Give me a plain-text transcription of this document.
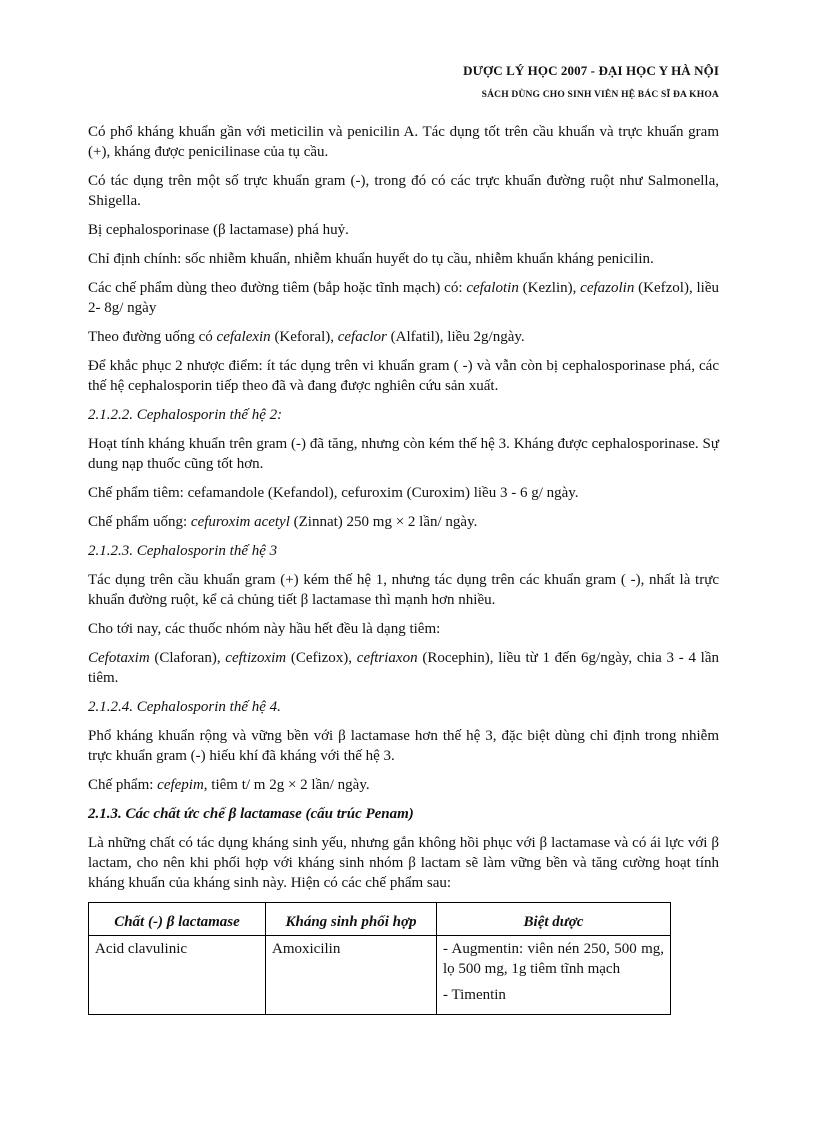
DƯỢC LÝ HỌC 2007 - ĐẠI HỌC Y HÀ NỘI
SÁCH DÙNG CHO SINH VIÊN HỆ BÁC SĨ ĐA KHOA

Có phổ kháng khuẩn gần với meticilin và penicilin A. Tác dụng tốt trên cầu khuẩn và trực khuẩn gram (+), kháng được penicilinase của tụ cầu.

Có tác dụng trên một số trực khuẩn gram (-), trong đó có các trực khuẩn đường ruột như Salmonella, Shigella.

Bị cephalosporinase (β lactamase) phá huỷ.

Chỉ định chính: sốc nhiễm khuẩn, nhiễm khuẩn huyết do tụ cầu, nhiễm khuẩn kháng penicilin.

Các chế phẩm dùng theo đường tiêm (bắp hoặc tĩnh mạch) có: cefalotin (Kezlin), cefazolin (Kefzol), liều 2- 8g/ ngày

Theo đường uống có cefalexin (Keforal), cefaclor (Alfatil), liều 2g/ngày.

Để khắc phục 2 nhược điểm: ít tác dụng trên vi khuẩn gram ( -) và vẫn còn bị cephalosporinase phá, các thế hệ cephalosporin tiếp theo đã và đang được nghiên cứu sản xuất.

2.1.2.2. Cephalosporin thế hệ 2:

Hoạt tính kháng khuẩn trên gram (-) đã tăng, nhưng còn kém thế hệ 3. Kháng được cephalosporinase. Sự dung nạp thuốc cũng tốt hơn.

Chế phẩm tiêm: cefamandole (Kefandol), cefuroxim (Curoxim) liều 3 - 6 g/ ngày.

Chế phẩm uống: cefuroxim acetyl (Zinnat) 250 mg × 2 lần/ ngày.

2.1.2.3. Cephalosporin thế hệ 3

Tác dụng trên cầu khuẩn gram (+) kém thế hệ 1, nhưng tác dụng trên các khuẩn gram ( -), nhất là trực khuẩn đường ruột, kể cả chủng tiết β lactamase thì mạnh hơn nhiều.

Cho tới nay, các thuốc nhóm này hầu hết đều là dạng tiêm:

Cefotaxim (Claforan), ceftizoxim (Cefizox), ceftriaxon (Rocephin), liều từ 1 đến 6g/ngày, chia 3 - 4 lần tiêm.

2.1.2.4. Cephalosporin thế hệ 4.

Phổ kháng khuẩn rộng và vững bền với β lactamase hơn thế hệ 3, đặc biệt dùng chỉ định trong nhiễm trực khuẩn gram (-) hiếu khí đã kháng với thế hệ 3.

Chế phẩm: cefepim, tiêm t/ m 2g × 2 lần/ ngày.

2.1.3. Các chất ức chế β lactamase (cấu trúc Penam)

Là những chất có tác dụng kháng sinh yếu, nhưng gắn không hồi phục với β lactamase và có ái lực với β lactam, cho nên khi phối hợp với kháng sinh nhóm β lactam sẽ làm vững bền và tăng cường hoạt tính kháng khuẩn của kháng sinh này. Hiện có các chế phẩm sau:

Chất (-) β lactamase	Kháng sinh phối hợp	Biệt dược
Acid clavulinic	Amoxicilin	- Augmentin: viên nén 250, 500 mg, lọ 500 mg, 1g tiêm tĩnh mạch
- Timentin
